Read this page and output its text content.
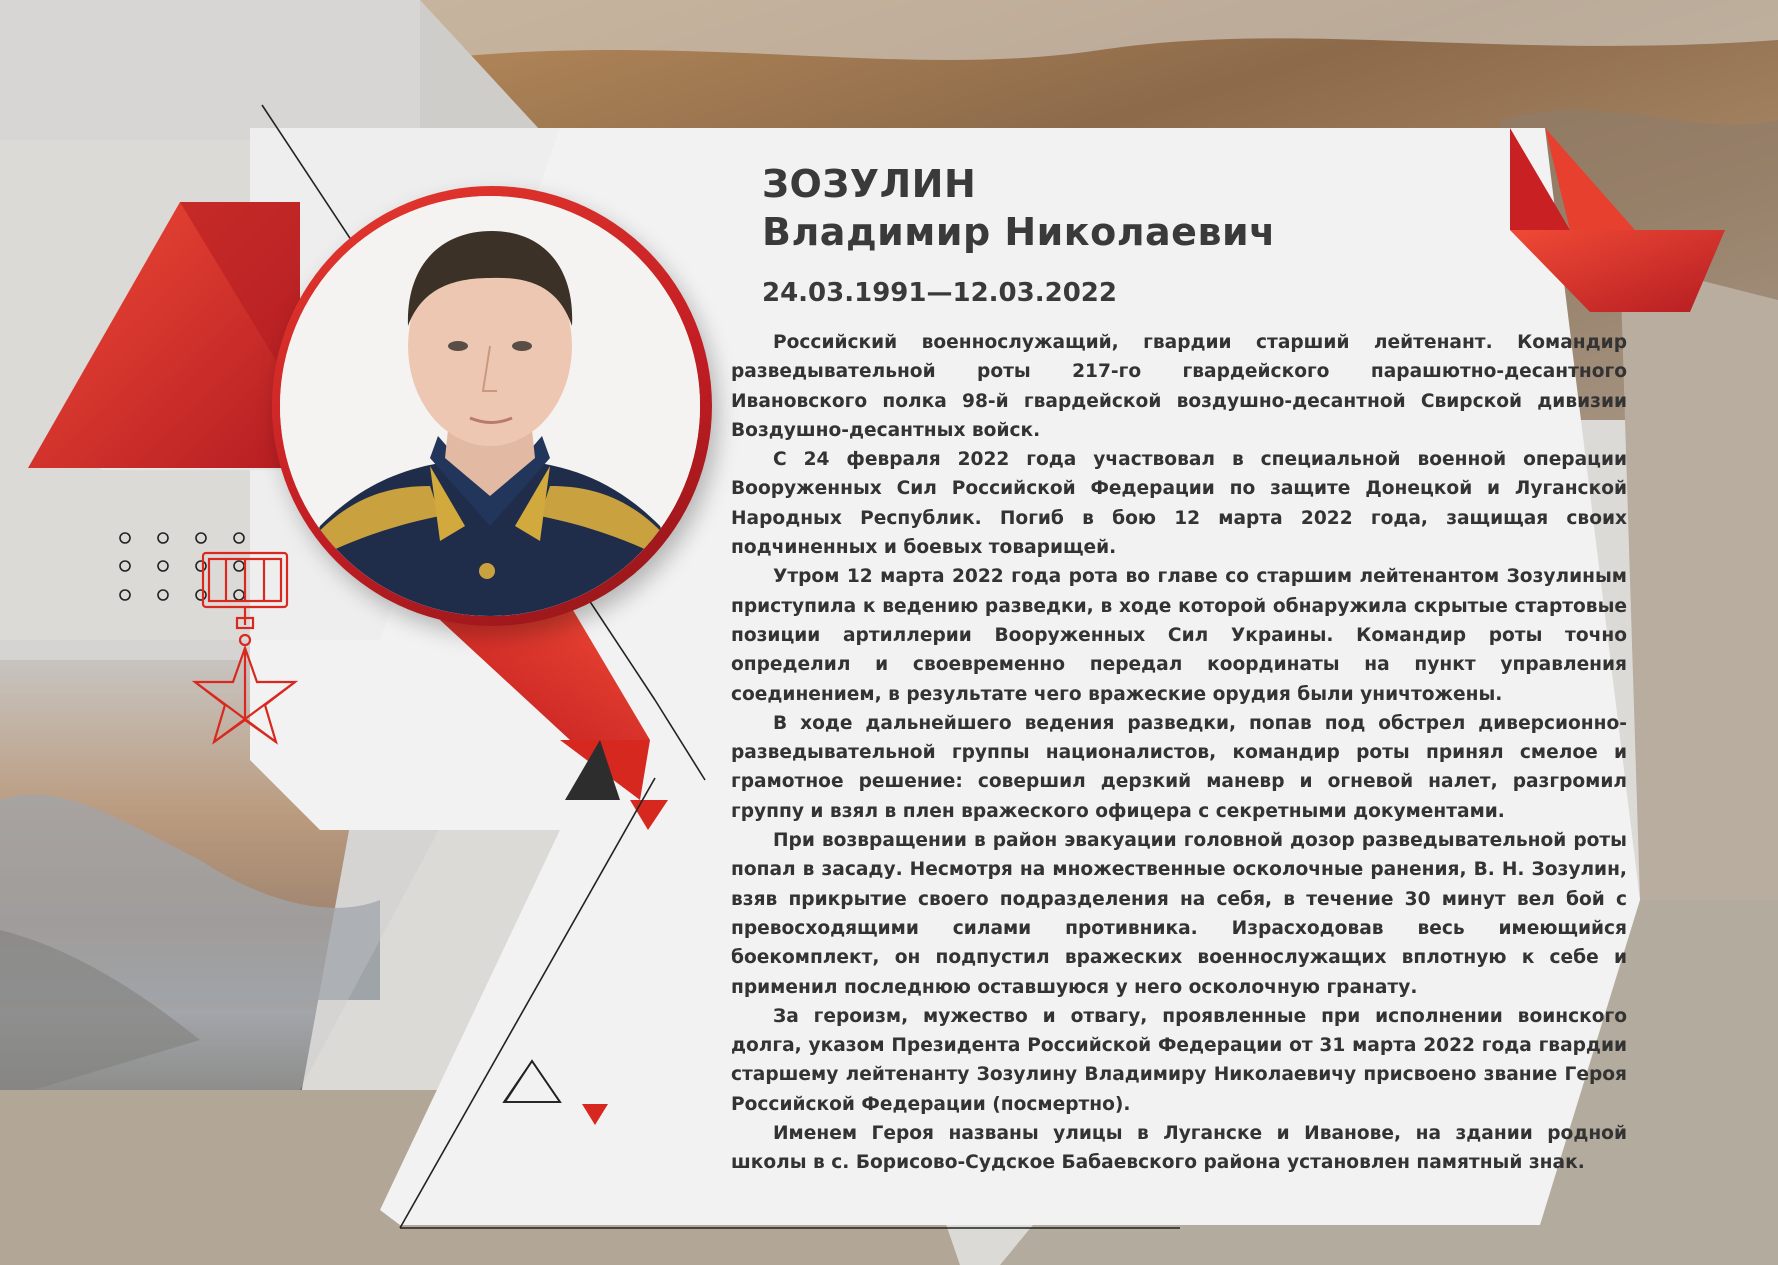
ЗОЗУЛИН
Владимир Николаевич
24.03.1991—12.03.2022

Российский военнослужащий, гвардии старший лейтенант. Командир разведывательной роты 217-го гвардейского парашютно-десантного Ивановского полка 98-й гвардейской воздушно-десантной Свирской дивизии Воздушно-десантных войск.

С 24 февраля 2022 года участвовал в специальной военной операции Вооруженных Сил Российской Федерации по защите Донецкой и Луганской Народных Республик. Погиб в бою 12 марта 2022 года, защищая своих подчиненных и боевых товарищей.

Утром 12 марта 2022 года рота во главе со старшим лейтенантом Зозулиным приступила к ведению разведки, в ходе которой обнаружила скрытые стартовые позиции артиллерии Вооруженных Сил Украины. Командир роты точно определил и своевременно передал координаты на пункт управления соединением, в результате чего вражеские орудия были уничтожены.

В ходе дальнейшего ведения разведки, попав под обстрел диверсионно-разведывательной группы националистов, командир роты принял смелое и грамотное решение: совершил дерзкий маневр и огневой налет, разгромил группу и взял в плен вражеского офицера с секретными документами.

При возвращении в район эвакуации головной дозор разведывательной роты попал в засаду. Несмотря на множественные осколочные ранения, В. Н. Зозулин, взяв прикрытие своего подразделения на себя, в течение 30 минут вел бой с превосходящими силами противника. Израсходовав весь имеющийся боекомплект, он подпустил вражеских военнослужащих вплотную к себе и применил последнюю оставшуюся у него осколочную гранату.

За героизм, мужество и отвагу, проявленные при исполнении воинского долга, указом Президента Российской Федерации от 31 марта 2022 года гвардии старшему лейтенанту Зозулину Владимиру Николаевичу присвоено звание Героя Российской Федерации (посмертно).

Именем Героя названы улицы в Луганске и Иванове, на здании родной школы в с. Борисово-Судское Бабаевского района установлен памятный знак.
